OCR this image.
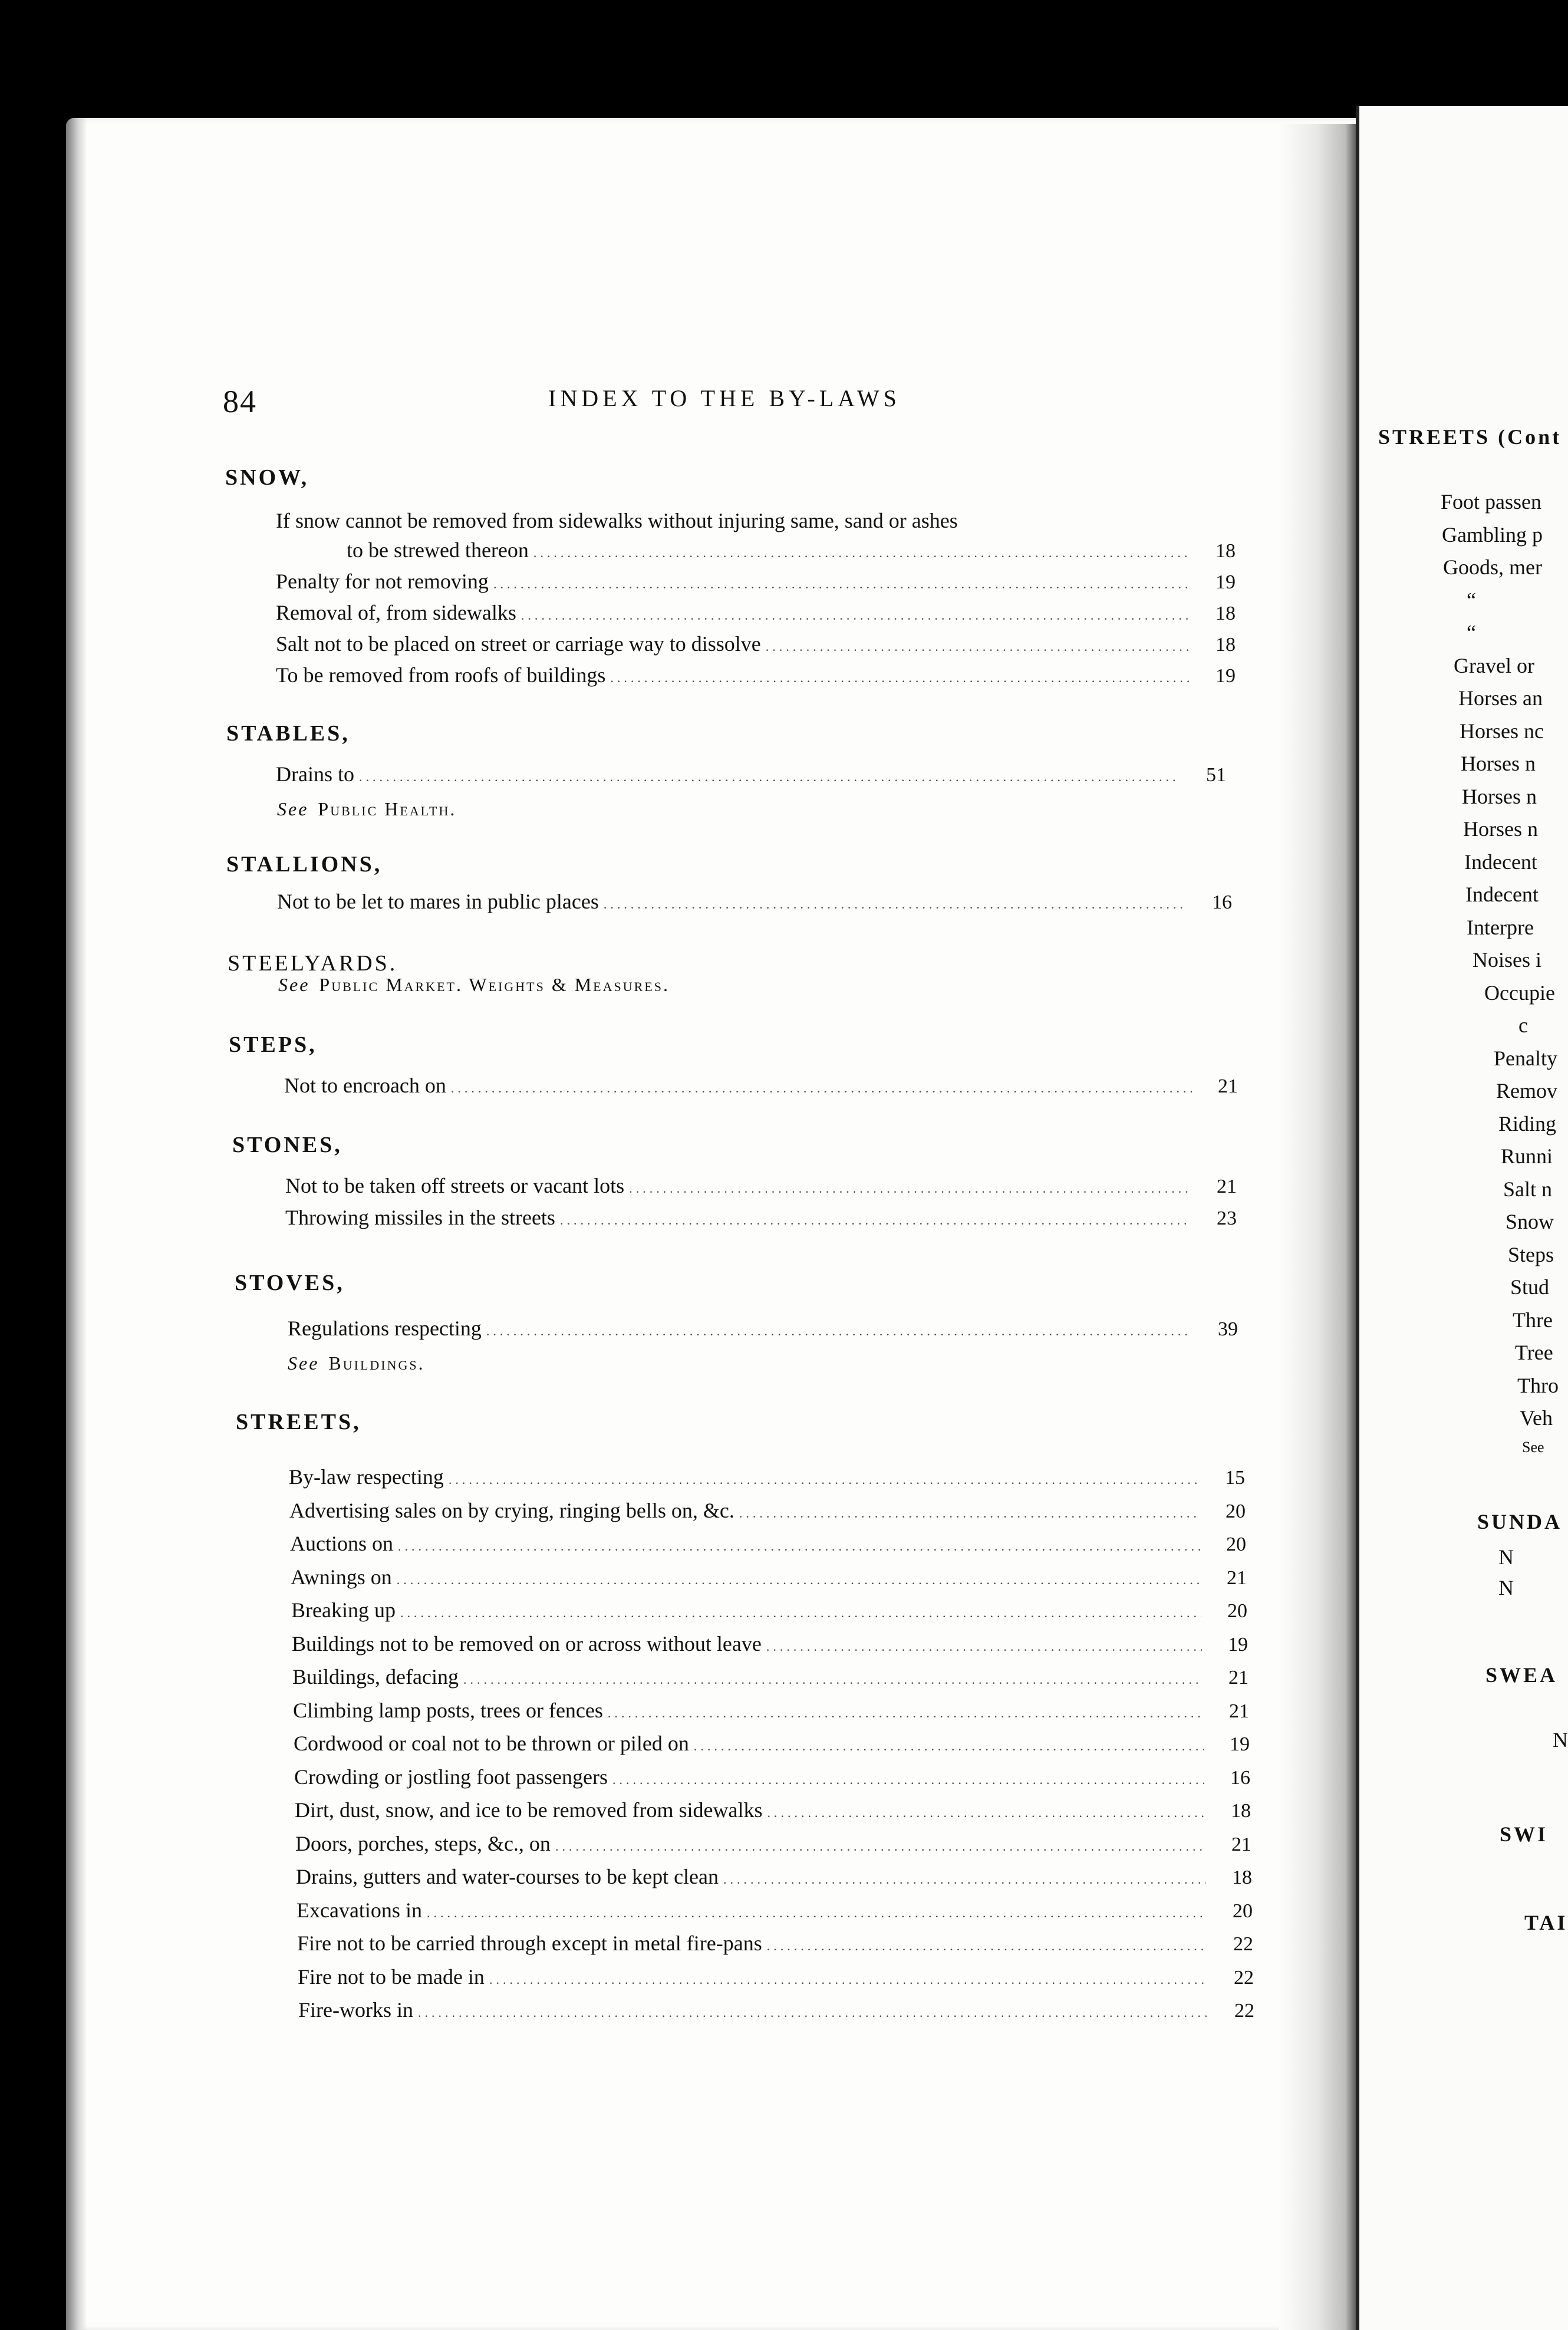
STREETS (Cont
Foot passen
Gambling p
Goods, mer
“
“
Gravel or
Horses an
Horses nc
Horses n
Horses n
Horses n
Indecent
Indecent
Interpre
Noises i
Occupie
c
Penalty
Remov
Riding
Runni
Salt n
Snow
Steps
Stud
Thre
Tree
Thro
Veh
See
SUNDA
N
N
SWEA
N
SWI
TAI
84	INDEX TO THE BY-LAWS
SNOW,
If snow cannot be removed from sidewalks without injuring same, sand or ashes
to be strewed thereon .....	18
Penalty for not removing .....	19
Removal of, from sidewalks .....	18
Salt not to be placed on street or carriage way to dissolve .....	18
To be removed from roofs of buildings .....	19
STABLES,
Drains to .....	51
See Public Health.
STALLIONS,
Not to be let to mares in public places .....	16
STEELYARDS.
See Public Market. Weights & Measures.
STEPS,
Not to encroach on .....	21
STONES,
Not to be taken off streets or vacant lots .....	21
Throwing missiles in the streets .....	23
STOVES,
Regulations respecting .....	39
See Buildings.
STREETS,
By-law respecting .....	15
Advertising sales on by crying, ringing bells on, &c. .....	20
Auctions on .....	20
Awnings on .....	21
Breaking up .....	20
Buildings not to be removed on or across without leave .....	19
Buildings, defacing .....	21
Climbing lamp posts, trees or fences .....	21
Cordwood or coal not to be thrown or piled on .....	19
Crowding or jostling foot passengers .....	16
Dirt, dust, snow, and ice to be removed from sidewalks .....	18
Doors, porches, steps, &c., on .....	21
Drains, gutters and water-courses to be kept clean .....	18
Excavations in .....	20
Fire not to be carried through except in metal fire-pans .....	22
Fire not to be made in .....	22
Fire-works in .....	22
